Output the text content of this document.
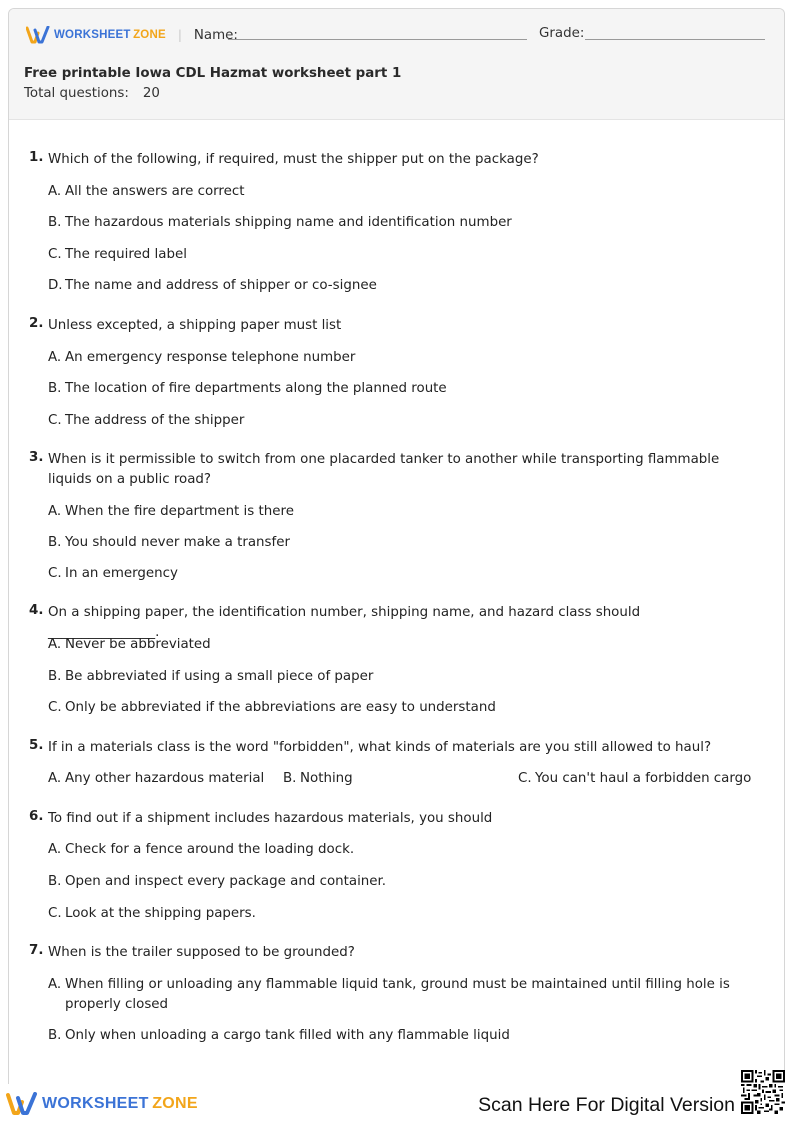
WORKSHEET  ZONE | Name:	Grade:
Free printable Iowa CDL Hazmat worksheet part 1
Total questions: 20
1. Which of the following, if required, must the shipper put on the package?
A. All the answers are correct
B. The hazardous materials shipping name and identification number
C. The required label
D. The name and address of shipper or co-signee
2. Unless excepted, a shipping paper must list
A. An emergency response telephone number
B. The location of fire departments along the planned route
C. The address of the shipper
3. When is it permissible to switch from one placarded tanker to another while transporting flammable liquids on a public road?
A. When the fire department is there
B. You should never make a transfer
C. In an emergency
4. On a shipping paper, the identification number, shipping name, and hazard class should ________________.
A. Never be abbreviated
B. Be abbreviated if using a small piece of paper
C. Only be abbreviated if the abbreviations are easy to understand
5. If in a materials class is the word "forbidden", what kinds of materials are you still allowed to haul?
A. Any other hazardous material	B. Nothing	C. You can't haul a forbidden cargo
6. To find out if a shipment includes hazardous materials, you should
A. Check for a fence around the loading dock.
B. Open and inspect every package and container.
C. Look at the shipping papers.
7. When is the trailer supposed to be grounded?
A. When filling or unloading any flammable liquid tank, ground must be maintained until filling hole is properly closed
B. Only when unloading a cargo tank filled with any flammable liquid
WORKSHEET  ZONE	Scan Here For Digital Version
